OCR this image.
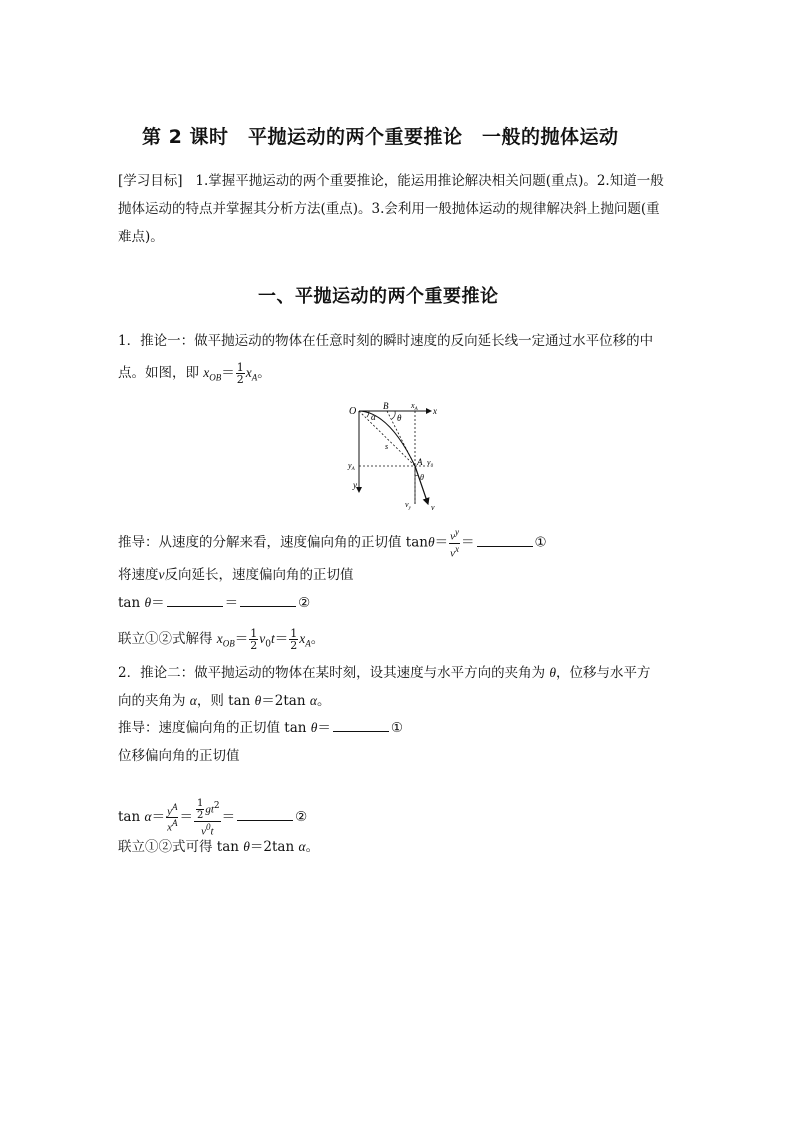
第 2 课时　平抛运动的两个重要推论　一般的抛体运动
[学习目标] 1.掌握平抛运动的两个重要推论，能运用推论解决相关问题(重点)。2.知道一般
抛体运动的特点并掌握其分析方法(重点)。3.会利用一般抛体运动的规律解决斜上抛问题(重
难点)。
一、平抛运动的两个重要推论
1．推论一：做平抛运动的物体在任意时刻的瞬时速度的反向延长线一定通过水平位移的中
点。如图，即 $x_{OB}= \frac{1}{2} x_A$。
O	B	$x_A$ x
α θ
s
$y_A$
y
A $v_0$
θ
$v_y$	v
推导：从速度的分解来看，速度偏向角的正切值 $\tan\theta= \frac{v^y}{v^x}$ ＝	①
将速度v反向延长，速度偏向角的正切值
tan θ＝	＝	②
联立①②式解得 $x_{OB}= \frac{1}{2} v_0t= \frac{1}{2} x_A$。
2．推论二：做平抛运动的物体在某时刻，设其速度与水平方向的夹角为 θ，位移与水平方
向的夹角为 α，则 tan θ＝2tan α。
推导：速度偏向角的正切值 tan θ＝	①
位移偏向角的正切值
$\tan \alpha= \frac{y^A}{x^A} = \frac{\frac{1}{2} gt^2}{v^0t}$ ＝	②
联立①②式可得 tan θ＝2tan α。
